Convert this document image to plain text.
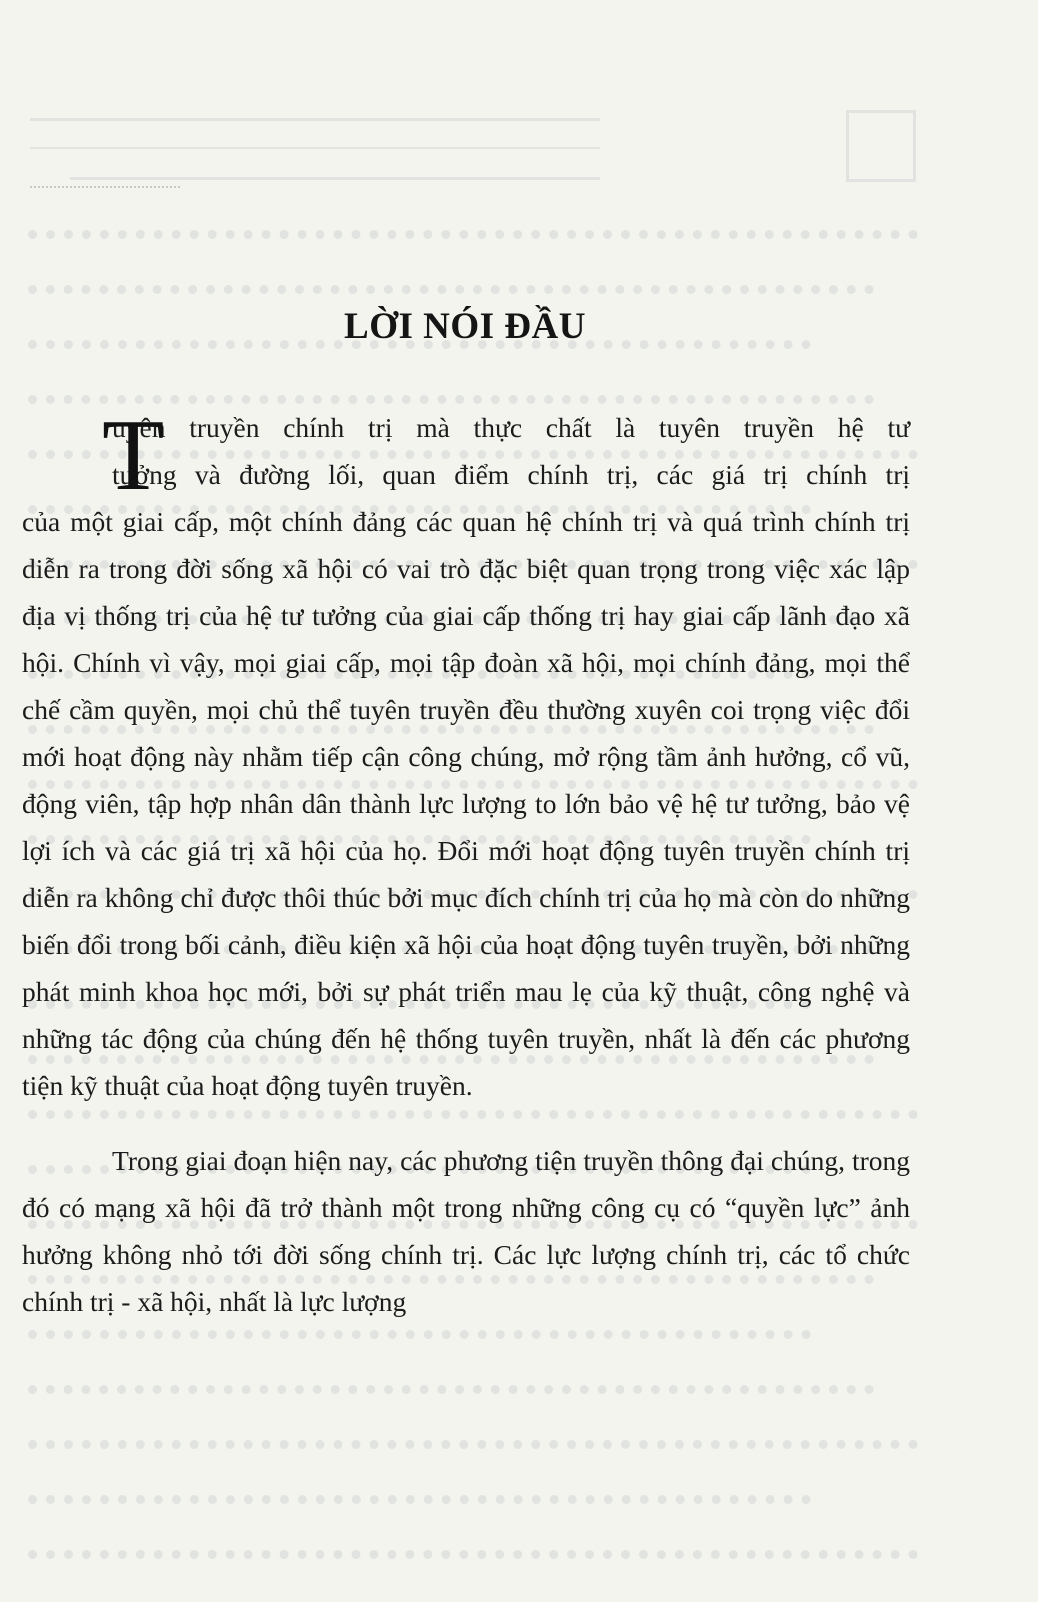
LỜI NÓI ĐẦU
T
uyên truyền chính trị mà thực chất là tuyên truyền hệ tư
tưởng và đường lối, quan điểm chính trị, các giá trị chính trị

của một giai cấp, một chính đảng các quan hệ chính trị và quá trình chính trị diễn ra trong đời sống xã hội có vai trò đặc biệt quan trọng trong việc xác lập địa vị thống trị của hệ tư tưởng của giai cấp thống trị hay giai cấp lãnh đạo xã hội. Chính vì vậy, mọi giai cấp, mọi tập đoàn xã hội, mọi chính đảng, mọi thể chế cầm quyền, mọi chủ thể tuyên truyền đều thường xuyên coi trọng việc đổi mới hoạt động này nhằm tiếp cận công chúng, mở rộng tầm ảnh hưởng, cổ vũ, động viên, tập hợp nhân dân thành lực lượng to lớn bảo vệ hệ tư tưởng, bảo vệ lợi ích và các giá trị xã hội của họ. Đổi mới hoạt động tuyên truyền chính trị diễn ra không chỉ được thôi thúc bởi mục đích chính trị của họ mà còn do những biến đổi trong bối cảnh, điều kiện xã hội của hoạt động tuyên truyền, bởi những phát minh khoa học mới, bởi sự phát triển mau lẹ của kỹ thuật, công nghệ và những tác động của chúng đến hệ thống tuyên truyền, nhất là đến các phương tiện kỹ thuật của hoạt động tuyên truyền.

Trong giai đoạn hiện nay, các phương tiện truyền thông đại chúng, trong đó có mạng xã hội đã trở thành một trong những công cụ có “quyền lực” ảnh hưởng không nhỏ tới đời sống chính trị. Các lực lượng chính trị, các tổ chức chính trị - xã hội, nhất là lực lượng
